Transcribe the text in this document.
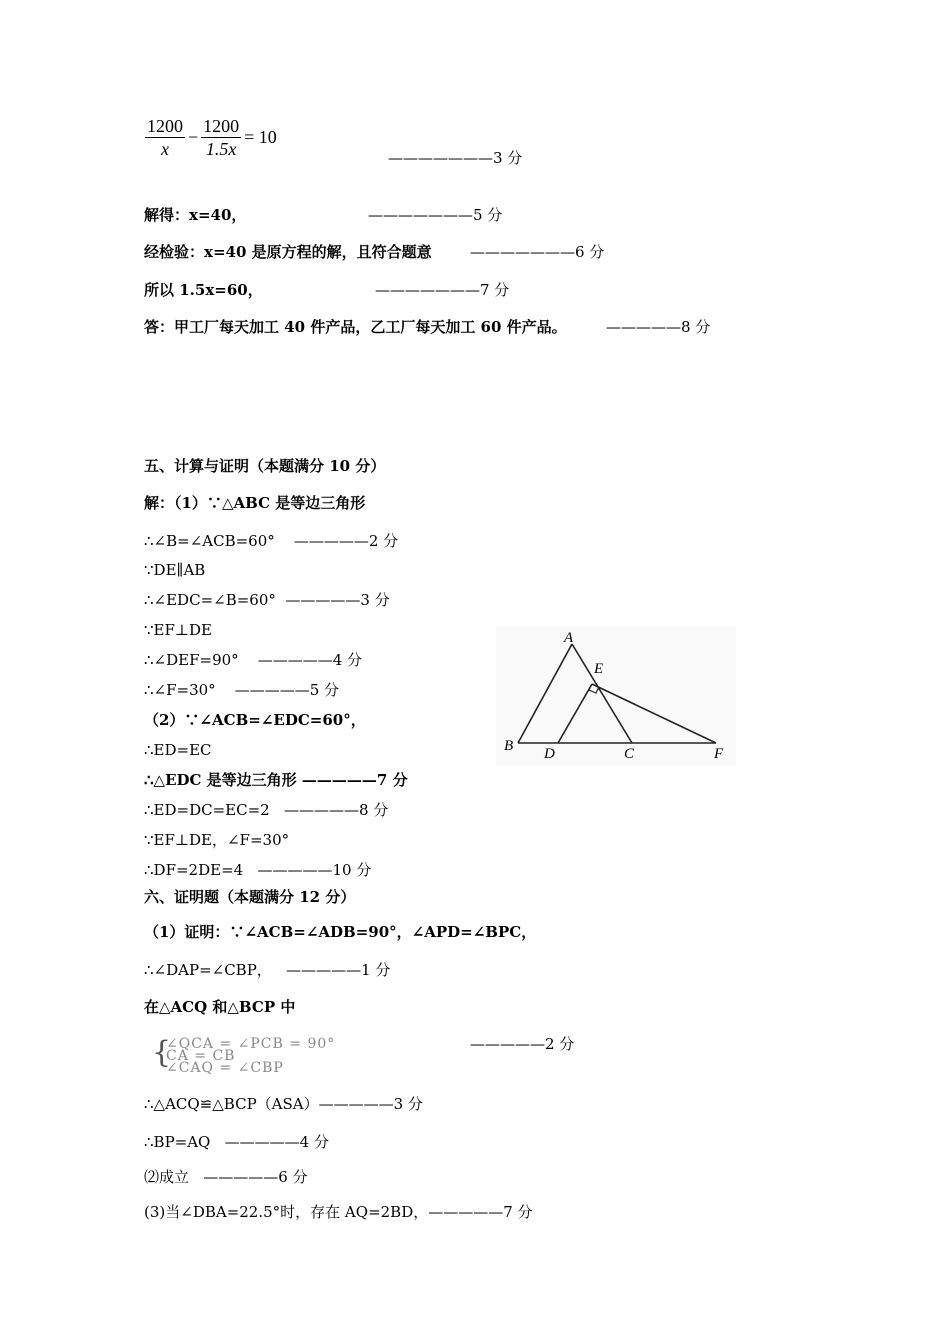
$\frac{1200}{x} - \frac{1200}{1.5x} = 10$
———————3 分
解得：x=40，	———————5 分
经检验：x=40 是原方程的解，且符合题意	———————6 分
所以 1.5x=60，	———————7 分
答：甲工厂每天加工 40 件产品，乙工厂每天加工 60 件产品。	—————8 分
五、计算与证明（本题满分 10 分）
解：（1）∵△ABC 是等边三角形
∴∠B=∠ACB=60°    —————2 分
∵DE∥AB
∴∠EDC=∠B=60°  —————3 分
∵EF⊥DE
∴∠DEF=90°    —————4 分
∴∠F=30°    —————5 分
（2）∵∠ACB=∠EDC=60°，
∴ED=EC
∴△EDC 是等边三角形 —————7 分
∴ED=DC=EC=2   —————8 分
∵EF⊥DE，∠F=30°
∴DF=2DE=4   —————10 分
A
B	C
D
E
F
六、证明题（本题满分 12 分）
（1）证明：∵∠ACB=∠ADB=90°，∠APD=∠BPC，
∴∠DAP=∠CBP，   —————1 分
在△ACQ 和△BCP 中
{
∠QCA = ∠PCB = 90°
CA = CB
∠CAQ = ∠CBP
—————2 分
∴△ACQ≌△BCP（ASA）—————3 分
∴BP=AQ   —————4 分
⑵成立   —————6 分
(3)当∠DBA=22.5°时，存在 AQ=2BD，—————7 分
